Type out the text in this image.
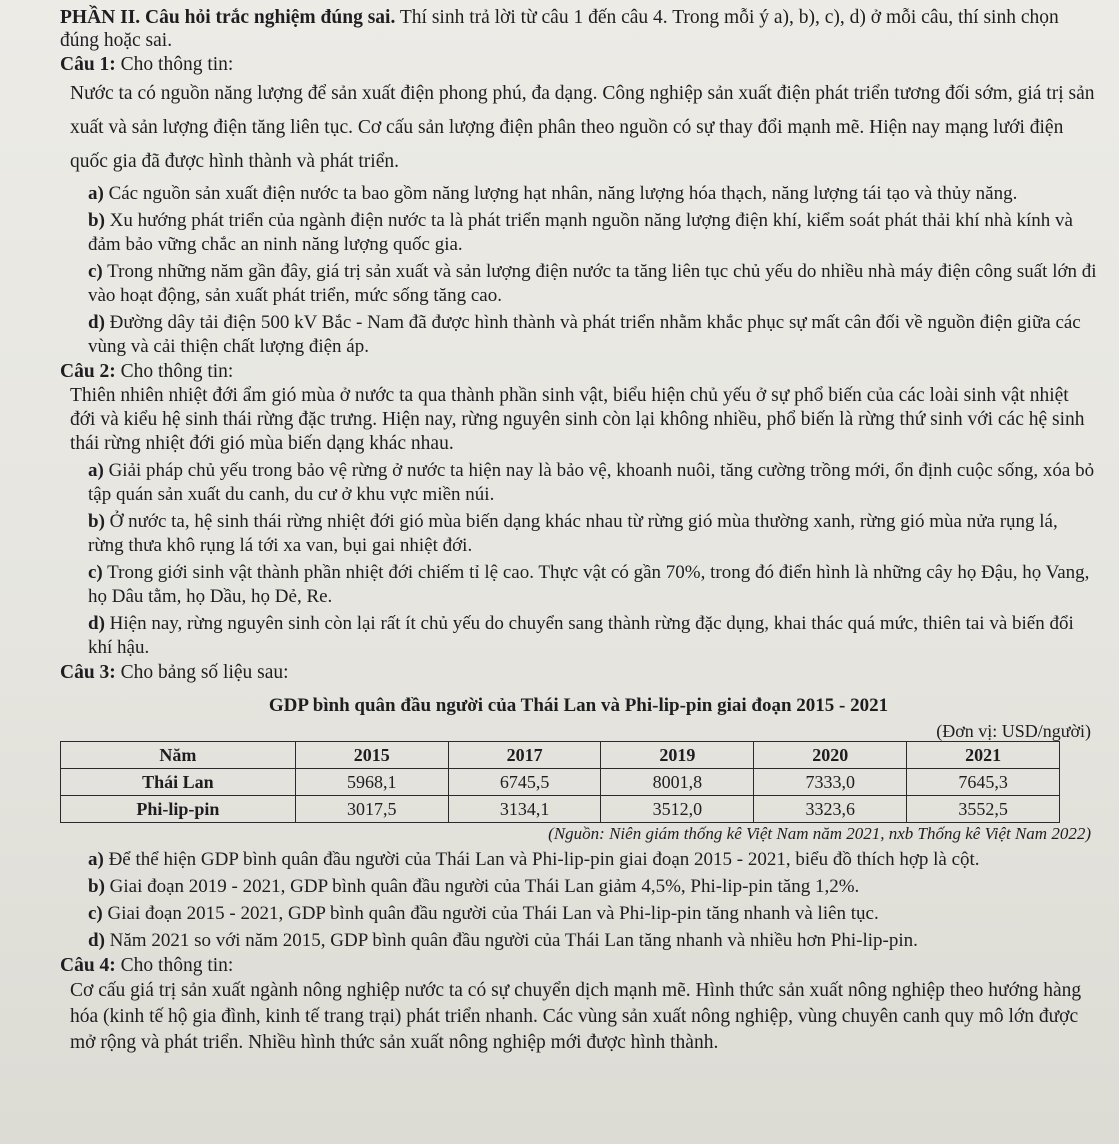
PHẦN II. Câu hỏi trắc nghiệm đúng sai. Thí sinh trả lời từ câu 1 đến câu 4. Trong mỗi ý a), b), c), d) ở mỗi câu, thí sinh chọn đúng hoặc sai.

Câu 1: Cho thông tin:

Nước ta có nguồn năng lượng để sản xuất điện phong phú, đa dạng. Công nghiệp sản xuất điện phát triển tương đối sớm, giá trị sản xuất và sản lượng điện tăng liên tục. Cơ cấu sản lượng điện phân theo nguồn có sự thay đổi mạnh mẽ. Hiện nay mạng lưới điện quốc gia đã được hình thành và phát triển.

a) Các nguồn sản xuất điện nước ta bao gồm năng lượng hạt nhân, năng lượng hóa thạch, năng lượng tái tạo và thủy năng.

b) Xu hướng phát triển của ngành điện nước ta là phát triển mạnh nguồn năng lượng điện khí, kiểm soát phát thải khí nhà kính và đảm bảo vững chắc an ninh năng lượng quốc gia.

c) Trong những năm gần đây, giá trị sản xuất và sản lượng điện nước ta tăng liên tục chủ yếu do nhiều nhà máy điện công suất lớn đi vào hoạt động, sản xuất phát triển, mức sống tăng cao.

d) Đường dây tải điện 500 kV Bắc - Nam đã được hình thành và phát triển nhằm khắc phục sự mất cân đối về nguồn điện giữa các vùng và cải thiện chất lượng điện áp.

Câu 2: Cho thông tin:

Thiên nhiên nhiệt đới ẩm gió mùa ở nước ta qua thành phần sinh vật, biểu hiện chủ yếu ở sự phổ biến của các loài sinh vật nhiệt đới và kiểu hệ sinh thái rừng đặc trưng. Hiện nay, rừng nguyên sinh còn lại không nhiều, phổ biến là rừng thứ sinh với các hệ sinh thái rừng nhiệt đới gió mùa biến dạng khác nhau.

a) Giải pháp chủ yếu trong bảo vệ rừng ở nước ta hiện nay là bảo vệ, khoanh nuôi, tăng cường trồng mới, ổn định cuộc sống, xóa bỏ tập quán sản xuất du canh, du cư ở khu vực miền núi.

b) Ở nước ta, hệ sinh thái rừng nhiệt đới gió mùa biến dạng khác nhau từ rừng gió mùa thường xanh, rừng gió mùa nửa rụng lá, rừng thưa khô rụng lá tới xa van, bụi gai nhiệt đới.

c) Trong giới sinh vật thành phần nhiệt đới chiếm tỉ lệ cao. Thực vật có gần 70%, trong đó điển hình là những cây họ Đậu, họ Vang, họ Dâu tằm, họ Dầu, họ Dẻ, Re.

d) Hiện nay, rừng nguyên sinh còn lại rất ít chủ yếu do chuyển sang thành rừng đặc dụng, khai thác quá mức, thiên tai và biến đổi khí hậu.

Câu 3: Cho bảng số liệu sau:

GDP bình quân đầu người của Thái Lan và Phi-lip-pin giai đoạn 2015 - 2021

(Đơn vị: USD/người)

Năm	2015	2017	2019	2020	2021
Thái Lan	5968,1	6745,5	8001,8	7333,0	7645,3
Phi-lip-pin	3017,5	3134,1	3512,0	3323,6	3552,5

(Nguồn: Niên giám thống kê Việt Nam năm 2021, nxb Thống kê Việt Nam 2022)

a) Để thể hiện GDP bình quân đầu người của Thái Lan và Phi-lip-pin giai đoạn 2015 - 2021, biểu đồ thích hợp là cột.

b) Giai đoạn 2019 - 2021, GDP bình quân đầu người của Thái Lan giảm 4,5%, Phi-lip-pin tăng 1,2%.

c) Giai đoạn 2015 - 2021, GDP bình quân đầu người của Thái Lan và Phi-lip-pin tăng nhanh và liên tục.

d) Năm 2021 so với năm 2015, GDP bình quân đầu người của Thái Lan tăng nhanh và nhiều hơn Phi-lip-pin.

Câu 4: Cho thông tin:

Cơ cấu giá trị sản xuất ngành nông nghiệp nước ta có sự chuyển dịch mạnh mẽ. Hình thức sản xuất nông nghiệp theo hướng hàng hóa (kinh tế hộ gia đình, kinh tế trang trại) phát triển nhanh. Các vùng sản xuất nông nghiệp, vùng chuyên canh quy mô lớn được mở rộng và phát triển. Nhiều hình thức sản xuất nông nghiệp mới được hình thành.
